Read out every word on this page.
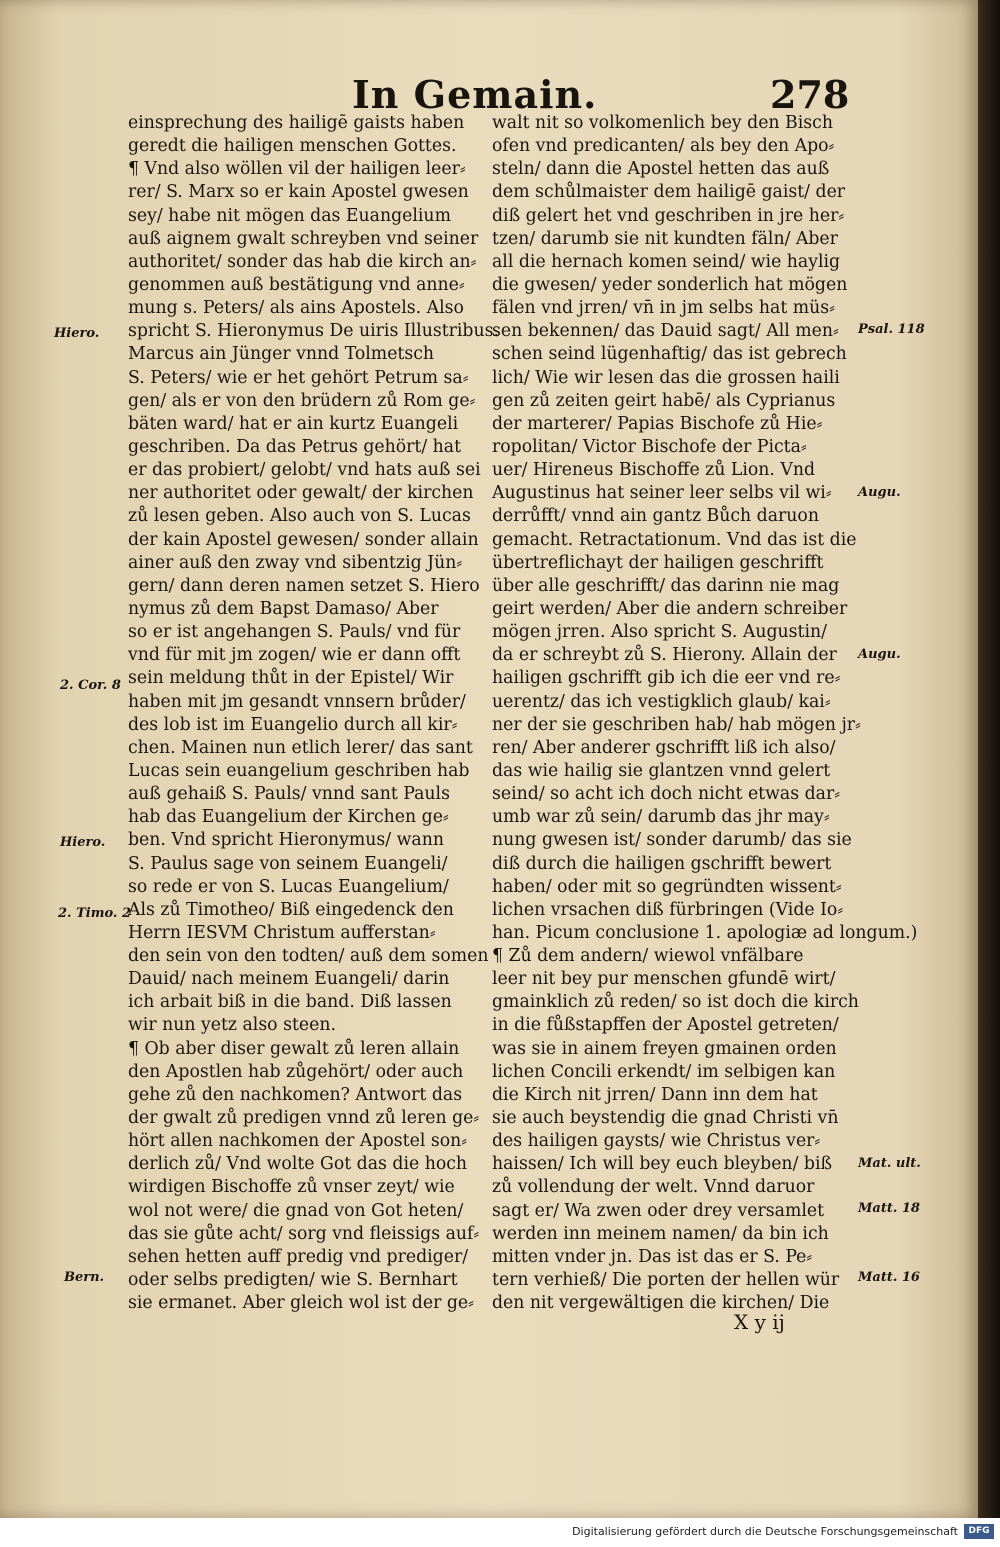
In Gemain.	278
einsprechung des hailigē gaists haben
geredt die hailigen menschen Gottes.
¶ Vnd also wöllen vil der hailigen leer⸗
rer/ S. Marx so er kain Apostel gwesen
sey/ habe nit mögen das Euangelium
auß aignem gwalt schreyben vnd seiner
authoritet/ sonder das hab die kirch an⸗
genommen auß bestätigung vnd anne⸗
mung s. Peters/ als ains Apostels. Also
spricht S. Hieronymus De uiris Illustribus.
Marcus ain Jünger vnnd Tolmetsch
S. Peters/ wie er het gehört Petrum sa⸗
gen/ als er von den brüdern zů Rom ge⸗
bäten ward/ hat er ain kurtz Euangeli
geschriben. Da das Petrus gehört/ hat
er das probiert/ gelobt/ vnd hats auß sei
ner authoritet oder gewalt/ der kirchen
zů lesen geben. Also auch von S. Lucas
der kain Apostel gewesen/ sonder allain
ainer auß den zway vnd sibentzig Jün⸗
gern/ dann deren namen setzet S. Hiero
nymus zů dem Bapst Damaso/ Aber
so er ist angehangen S. Pauls/ vnd für
vnd für mit jm zogen/ wie er dann offt
sein meldung thůt in der Epistel/ Wir
haben mit jm gesandt vnnsern brůder/
des lob ist im Euangelio durch all kir⸗
chen. Mainen nun etlich lerer/ das sant
Lucas sein euangelium geschriben hab
auß gehaiß S. Pauls/ vnnd sant Pauls
hab das Euangelium der Kirchen ge⸗
ben. Vnd spricht Hieronymus/ wann
S. Paulus sage von seinem Euangeli/
so rede er von S. Lucas Euangelium/
Als zů Timotheo/ Biß eingedenck den
Herrn IESVM Christum aufferstan⸗
den sein von den todten/ auß dem somen
Dauid/ nach meinem Euangeli/ darin
ich arbait biß in die band. Diß lassen
wir nun yetz also steen.
¶ Ob aber diser gewalt zů leren allain
den Apostlen hab zůgehört/ oder auch
gehe zů den nachkomen? Antwort das
der gwalt zů predigen vnnd zů leren ge⸗
hört allen nachkomen der Apostel son⸗
derlich zů/ Vnd wolte Got das die hoch
wirdigen Bischoffe zů vnser zeyt/ wie
wol not were/ die gnad von Got heten/
das sie gůte acht/ sorg vnd fleissigs auf⸗
sehen hetten auff predig vnd prediger/
oder selbs predigten/ wie S. Bernhart
sie ermanet. Aber gleich wol ist der ge⸗
walt nit so volkomenlich bey den Bisch
ofen vnd predicanten/ als bey den Apo⸗
steln/ dann die Apostel hetten das auß
dem schůlmaister dem hailigē gaist/ der
diß gelert het vnd geschriben in jre her⸗
tzen/ darumb sie nit kundten fäln/ Aber
all die hernach komen seind/ wie haylig
die gwesen/ yeder sonderlich hat mögen
fälen vnd jrren/ vn̄ in jm selbs hat müs⸗
sen bekennen/ das Dauid sagt/ All men⸗
schen seind lügenhaftig/ das ist gebrech
lich/ Wie wir lesen das die grossen haili
gen zů zeiten geirt habē/ als Cyprianus
der marterer/ Papias Bischofe zů Hie⸗
ropolitan/ Victor Bischofe der Picta⸗
uer/ Hireneus Bischoffe zů Lion. Vnd
Augustinus hat seiner leer selbs vil wi⸗
derrůfft/ vnnd ain gantz Bůch daruon
gemacht. Retractationum. Vnd das ist die
übertreflichayt der hailigen geschrifft
über alle geschrifft/ das darinn nie mag
geirt werden/ Aber die andern schreiber
mögen jrren. Also spricht S. Augustin/
da er schreybt zů S. Hierony. Allain der
hailigen gschrifft gib ich die eer vnd re⸗
uerentz/ das ich vestigklich glaub/ kai⸗
ner der sie geschriben hab/ hab mögen jr⸗
ren/ Aber anderer gschrifft liß ich also/
das wie hailig sie glantzen vnnd gelert
seind/ so acht ich doch nicht etwas dar⸗
umb war zů sein/ darumb das jhr may⸗
nung gwesen ist/ sonder darumb/ das sie
diß durch die hailigen gschrifft bewert
haben/ oder mit so gegründten wissent⸗
lichen vrsachen diß fürbringen (Vide Io⸗
han. Picum conclusione 1. apologiæ ad longum.)
¶ Zů dem andern/ wiewol vnfälbare
leer nit bey pur menschen gfundē wirt/
gmainklich zů reden/ so ist doch die kirch
in die fůßstapffen der Apostel getreten/
was sie in ainem freyen gmainen orden
lichen Concili erkendt/ im selbigen kan
die Kirch nit jrren/ Dann inn dem hat
sie auch beystendig die gnad Christi vn̄
des hailigen gaysts/ wie Christus ver⸗
haissen/ Ich will bey euch bleyben/ biß
zů vollendung der welt. Vnnd daruor
sagt er/ Wa zwen oder drey versamlet
werden inn meinem namen/ da bin ich
mitten vnder jn. Das ist das er S. Pe⸗
tern verhieß/ Die porten der hellen wür
den nit vergewältigen die kirchen/ Die
Hiero.	Psal. 118
Augu.
Augu.
2. Cor. 8
Hiero.
2. Timo. 2
Mat. ult.
Matt. 18
Bern.	Matt. 16
X y ij
Digitalisierung gefördert durch die Deutsche Forschungsgemeinschaft	DFG
